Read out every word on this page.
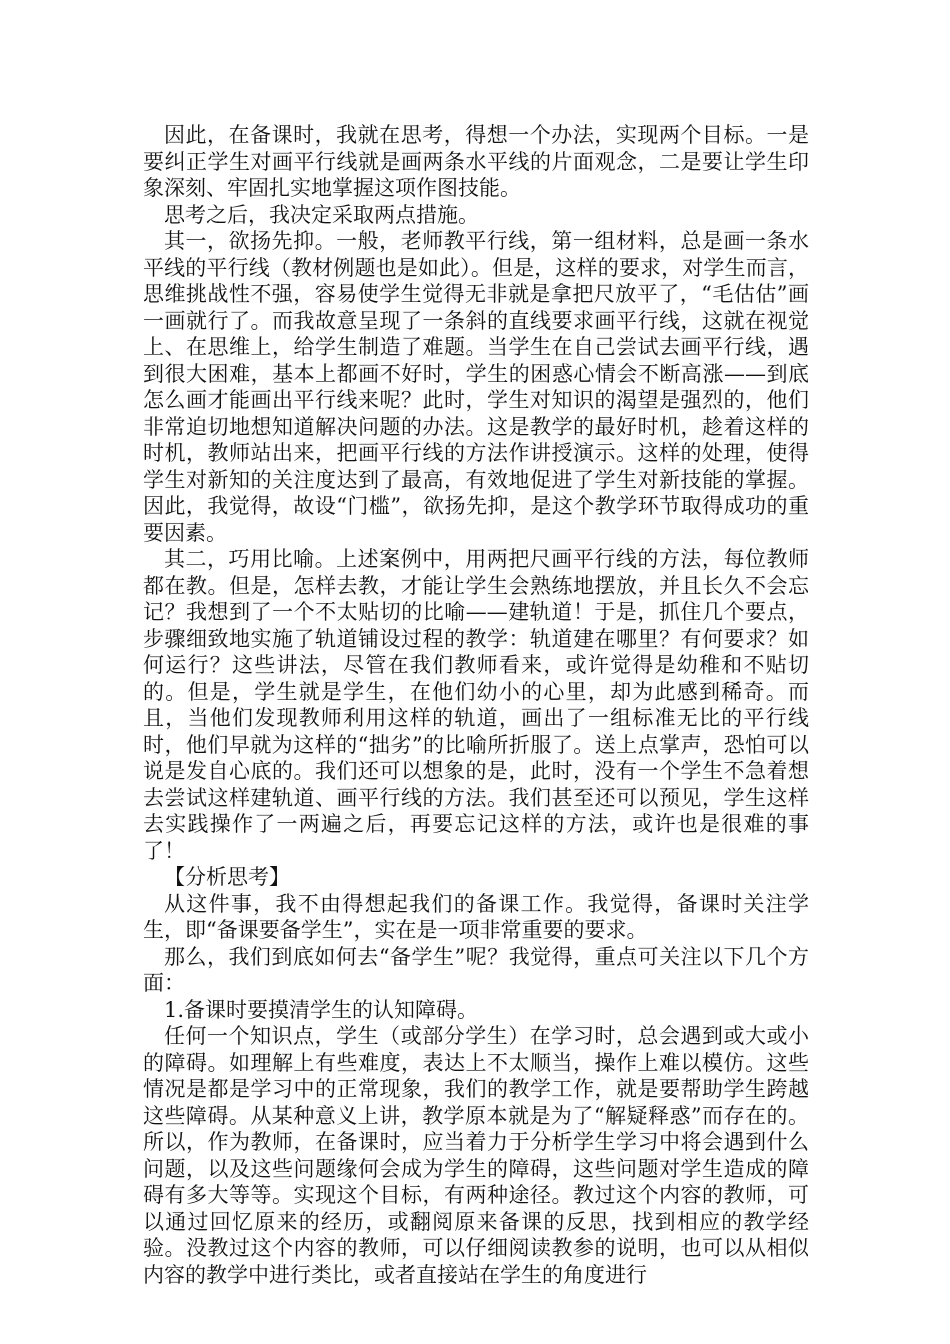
因此，在备课时，我就在思考，得想一个办法，实现两个目标。一是要纠正学生对画平行线就是画两条水平线的片面观念，二是要让学生印象深刻、牢固扎实地掌握这项作图技能。

思考之后，我决定采取两点措施。

其一，欲扬先抑。一般，老师教平行线，第一组材料，总是画一条水平线的平行线（教材例题也是如此）。但是，这样的要求，对学生而言，思维挑战性不强，容易使学生觉得无非就是拿把尺放平了，“毛估估”画一画就行了。而我故意呈现了一条斜的直线要求画平行线，这就在视觉上、在思维上，给学生制造了难题。当学生在自己尝试去画平行线，遇到很大困难，基本上都画不好时，学生的困惑心情会不断高涨——到底怎么画才能画出平行线来呢？此时，学生对知识的渴望是强烈的，他们非常迫切地想知道解决问题的办法。这是教学的最好时机，趁着这样的时机，教师站出来，把画平行线的方法作讲授演示。这样的处理，使得学生对新知的关注度达到了最高，有效地促进了学生对新技能的掌握。因此，我觉得，故设“门槛”，欲扬先抑，是这个教学环节取得成功的重要因素。

其二，巧用比喻。上述案例中，用两把尺画平行线的方法，每位教师都在教。但是，怎样去教，才能让学生会熟练地摆放，并且长久不会忘记？我想到了一个不太贴切的比喻——建轨道！于是，抓住几个要点，步骤细致地实施了轨道铺设过程的教学：轨道建在哪里？有何要求？如何运行？这些讲法，尽管在我们教师看来，或许觉得是幼稚和不贴切的。但是，学生就是学生，在他们幼小的心里，却为此感到稀奇。而且，当他们发现教师利用这样的轨道，画出了一组标准无比的平行线时，他们早就为这样的“拙劣”的比喻所折服了。送上点掌声，恐怕可以说是发自心底的。我们还可以想象的是，此时，没有一个学生不急着想去尝试这样建轨道、画平行线的方法。我们甚至还可以预见，学生这样去实践操作了一两遍之后，再要忘记这样的方法，或许也是很难的事了！

【分析思考】

从这件事，我不由得想起我们的备课工作。我觉得，备课时关注学生，即“备课要备学生”，实在是一项非常重要的要求。

那么，我们到底如何去“备学生”呢？我觉得，重点可关注以下几个方面：

1.备课时要摸清学生的认知障碍。

任何一个知识点，学生（或部分学生）在学习时，总会遇到或大或小的障碍。如理解上有些难度，表达上不太顺当，操作上难以模仿。这些情况是都是学习中的正常现象，我们的教学工作，就是要帮助学生跨越这些障碍。从某种意义上讲，教学原本就是为了“解疑释惑”而存在的。所以，作为教师，在备课时，应当着力于分析学生学习中将会遇到什么问题，以及这些问题缘何会成为学生的障碍，这些问题对学生造成的障碍有多大等等。实现这个目标，有两种途径。教过这个内容的教师，可以通过回忆原来的经历，或翻阅原来备课的反思，找到相应的教学经验。没教过这个内容的教师，可以仔细阅读教参的说明，也可以从相似内容的教学中进行类比，或者直接站在学生的角度进行
